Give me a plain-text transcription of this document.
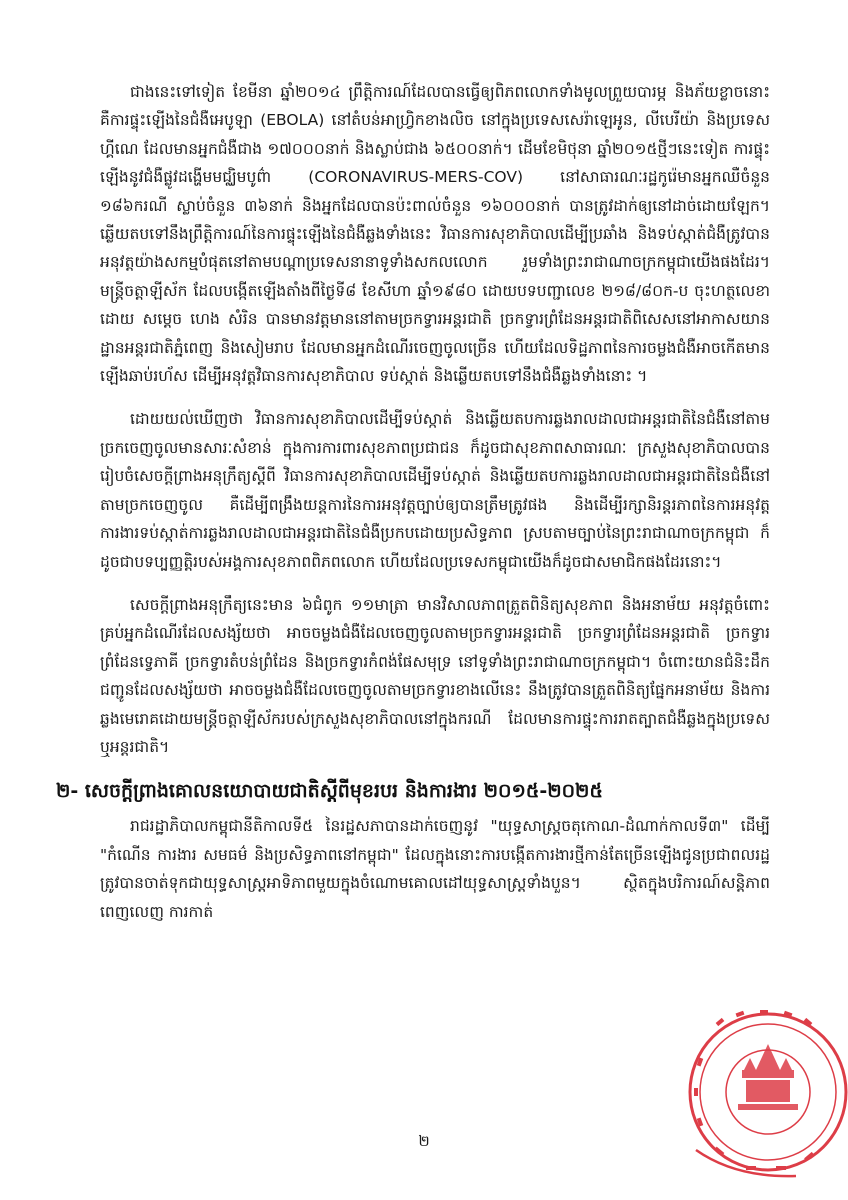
ជាងនេះទៅទៀត ខែមីនា ឆ្នាំ២០១៤ ព្រឹត្តិការណ៍ដែលបានធ្វើឲ្យពិភពលោកទាំងមូលព្រួយបារម្ភ និងភ័យខ្លាចនោះ គឺការផ្ទុះឡើងនៃជំងឺអេបូឡា (EBOLA) នៅតំបន់អាហ្វ្រិកខាងលិច នៅក្នុងប្រទេសសេរ៉ាឡេអូន, លីបេរីយ៉ា និងប្រទេសហ្គីណេ ដែលមានអ្នកជំងឺជាង ១៧០០០នាក់ និងស្លាប់ជាង ៦៥០០នាក់។ ដើមខែមិថុនា ឆ្នាំ២០១៥ថ្មីៗនេះទៀត ការផ្ទុះឡើងនូវជំងឺផ្លូវដង្ហើមមជ្ឈិមបូព៌ា (CORONAVIRUS-MERS-COV) នៅសាធារណៈរដ្ឋកូរ៉េមានអ្នកឈឺចំនួន ១៨៦ករណី ស្លាប់ចំនួន ៣៦នាក់ និងអ្នកដែលបានប៉ះពាល់ចំនួន ១៦០០០នាក់ បានត្រូវដាក់ឲ្យនៅដាច់ដោយឡែក។ ឆ្លើយតបទៅនឹងព្រឹត្តិការណ៍នៃការផ្ទុះឡើងនៃជំងឺឆ្លងទាំងនេះ វិធានការសុខាភិបាលដើម្បីប្រឆាំង និងទប់ស្កាត់ជំងឺត្រូវបានអនុវត្តយ៉ាងសកម្មបំផុតនៅតាមបណ្ដាប្រទេសនានាទូទាំងសកលលោក រួមទាំងព្រះរាជាណាចក្រកម្ពុជាយើងផងដែរ។ មន្ត្រីចត្តាឡីស័ក ដែលបង្កើតឡើងតាំងពីថ្ងៃទី៨ ខែសីហា ឆ្នាំ១៩៨០ ដោយបទបញ្ជាលេខ ២១៨/៨០ក-ប ចុះហត្ថលេខាដោយ សម្ដេច ហេង សំរិន បានមានវត្តមាននៅតាមច្រកទ្វារអន្តរជាតិ ច្រកទ្វារព្រំដែនអន្តរជាតិពិសេសនៅអាកាសយានដ្ឋានអន្តរជាតិភ្នំពេញ និងសៀមរាប ដែលមានអ្នកដំណើរចេញចូលច្រើន ហើយដែលទិដ្ឋភាពនៃការចម្លងជំងឺអាចកើតមានឡើងឆាប់រហ័ស ដើម្បីអនុវត្តវិធានការសុខាភិបាល ទប់ស្កាត់ និងឆ្លើយតបទៅនឹងជំងឺឆ្លងទាំងនោះ ។

ដោយយល់ឃើញថា វិធានការសុខាភិបាលដើម្បីទប់ស្កាត់ និងឆ្លើយតបការឆ្លងរាលដាលជាអន្តរជាតិនៃជំងឺនៅតាមច្រកចេញចូលមានសារៈសំខាន់ ក្នុងការការពារសុខភាពប្រជាជន ក៏ដូចជាសុខភាពសាធារណៈ ក្រសួងសុខាភិបាលបានរៀបចំសេចក្ដីព្រាងអនុក្រឹត្យស្ដីពី វិធានការសុខាភិបាលដើម្បីទប់ស្កាត់ និងឆ្លើយតបការឆ្លងរាលដាលជាអន្តរជាតិនៃជំងឺនៅតាមច្រកចេញចូល គឺដើម្បីពង្រឹងយន្តការនៃការអនុវត្តច្បាប់ឲ្យបានត្រឹមត្រូវផង និងដើម្បីរក្សានិរន្តរភាពនៃការអនុវត្តការងារទប់ស្កាត់ការឆ្លងរាលដាលជាអន្តរជាតិនៃជំងឺប្រកបដោយប្រសិទ្ធភាព ស្របតាមច្បាប់នៃព្រះរាជាណាចក្រកម្ពុជា ក៏ដូចជាបទប្បញ្ញត្តិរបស់អង្គការសុខភាពពិភពលោក ហើយដែលប្រទេសកម្ពុជាយើងក៏ដូចជាសមាជិកផងដែរនោះ។

សេចក្ដីព្រាងអនុក្រឹត្យនេះមាន ៦ជំពូក ១១មាត្រា មានវិសាលភាពត្រួតពិនិត្យសុខភាព និងអនាម័យ អនុវត្តចំពោះគ្រប់អ្នកដំណើរដែលសង្ស័យថា អាចចម្លងជំងឺដែលចេញចូលតាមច្រកទ្វារអន្តរជាតិ ច្រកទ្វារព្រំដែនអន្តរជាតិ ច្រកទ្វារព្រំដែនទ្វេភាគី ច្រកទ្វារតំបន់ព្រំដែន និងច្រកទ្វារកំពង់ផែសមុទ្រ នៅទូទាំងព្រះរាជាណាចក្រកម្ពុជា។ ចំពោះយានជំនិះដឹកជញ្ជូនដែលសង្ស័យថា អាចចម្លងជំងឺដែលចេញចូលតាមច្រកទ្វារខាងលើនេះ នឹងត្រូវបានត្រួតពិនិត្យផ្នែកអនាម័យ និងការឆ្លងមេរោគដោយមន្ត្រីចត្តាឡីស័ករបស់ក្រសួងសុខាភិបាលនៅក្នុងករណី ដែលមានការផ្ទុះការរាតត្បាតជំងឺឆ្លងក្នុងប្រទេស ឬអន្តរជាតិ។

២- សេចក្តីព្រាងគោលនយោបាយជាតិស្តីពីមុខរបរ និងការងារ ២០១៥-២០២៥

រាជរដ្ឋាភិបាលកម្ពុជានីតិកាលទី៥ នៃរដ្ឋសភាបានដាក់ចេញនូវ "យុទ្ធសាស្ត្រចតុកោណ-ដំណាក់កាលទី៣" ដើម្បី "កំណើន ការងារ សមធម៌ និងប្រសិទ្ធភាពនៅកម្ពុជា" ដែលក្នុងនោះការបង្កើតការងារថ្មីកាន់តែច្រើនឡើងជូនប្រជាពលរដ្ឋ ត្រូវបានចាត់ទុកជាយុទ្ធសាស្ត្រអាទិភាពមួយក្នុងចំណោមគោលដៅយុទ្ធសាស្ត្រទាំងបួន។ ស្ថិតក្នុងបរិការណ៍សន្តិភាពពេញលេញ ការកាត់

២
